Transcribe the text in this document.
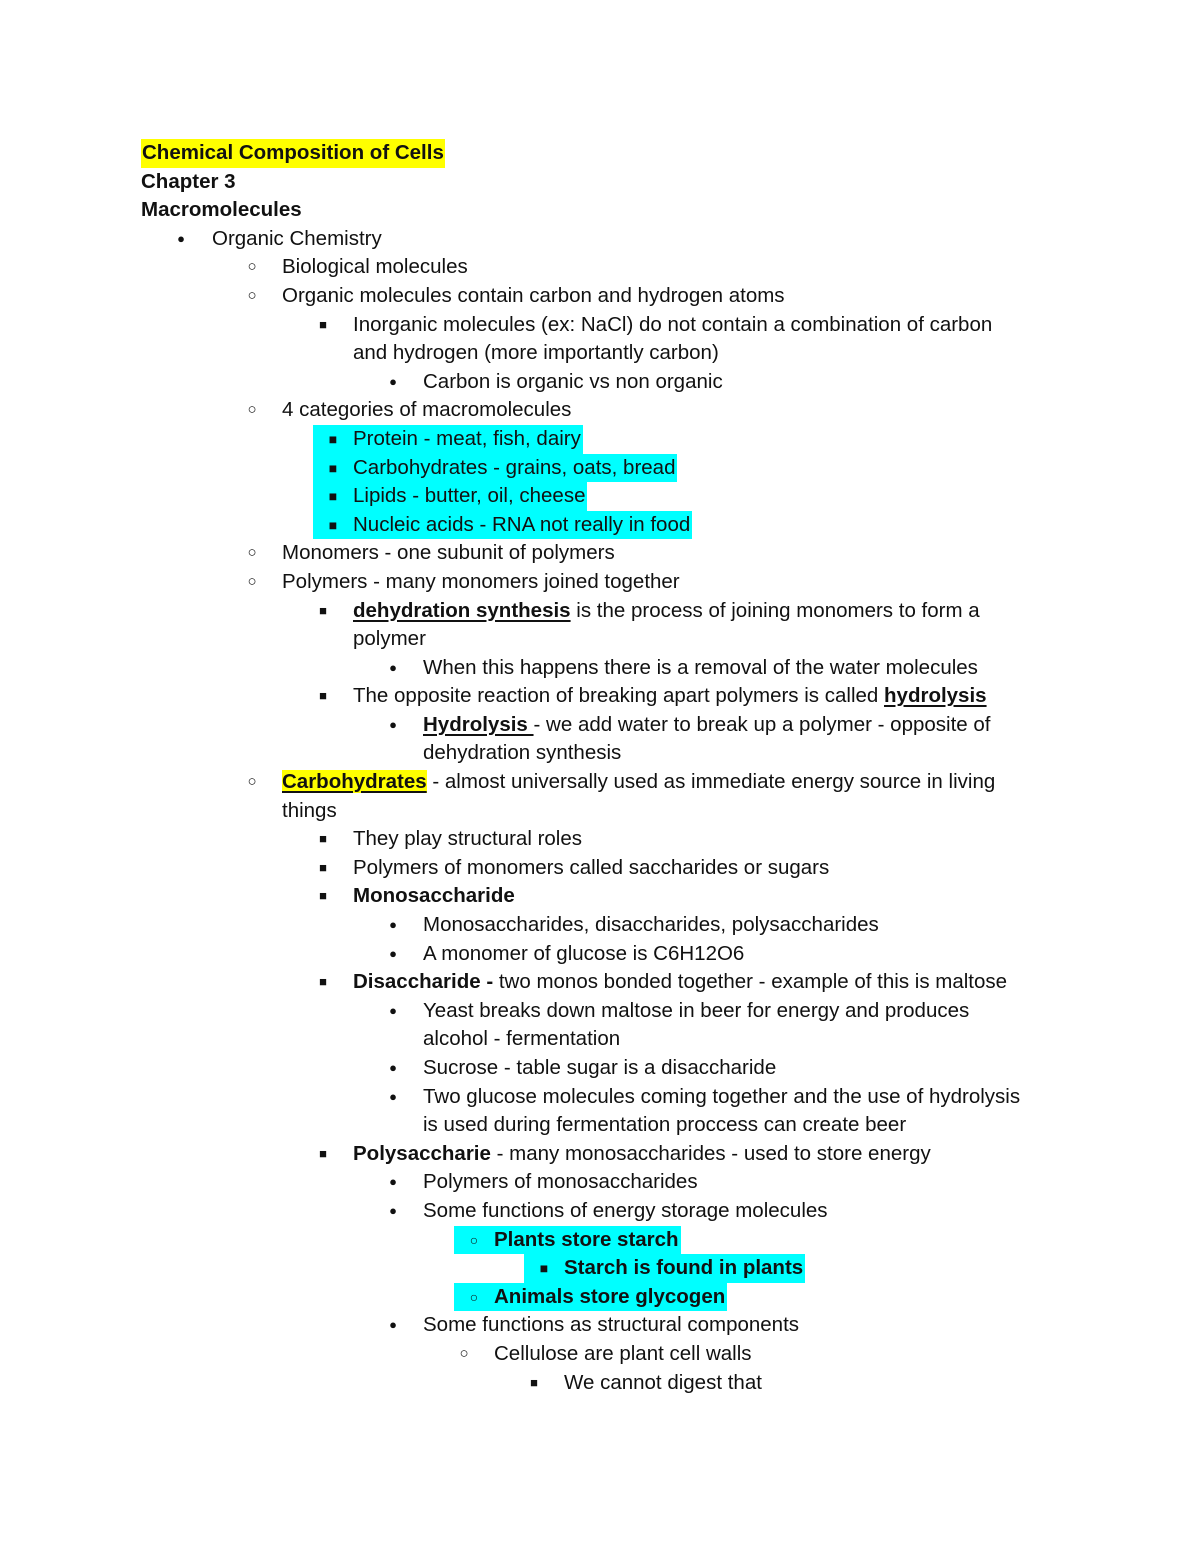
Chemical Composition of Cells
Chapter 3
Macromolecules
● Organic Chemistry
○ Biological molecules
○ Organic molecules contain carbon and hydrogen atoms
■ Inorganic molecules (ex: NaCl) do not contain a combination of carbon
and hydrogen (more importantly carbon)
● Carbon is organic vs non organic
○ 4 categories of macromolecules
■ Protein - meat, fish, dairy
■ Carbohydrates - grains, oats, bread
■ Lipids - butter, oil, cheese
■ Nucleic acids - RNA not really in food
○ Monomers - one subunit of polymers
○ Polymers - many monomers joined together
■ dehydration synthesis is the process of joining monomers to form a
polymer
● When this happens there is a removal of the water molecules
■ The opposite reaction of breaking apart polymers is called hydrolysis
● Hydrolysis - we add water to break up a polymer - opposite of
dehydration synthesis
○ Carbohydrates - almost universally used as immediate energy source in living
things
■ They play structural roles
■ Polymers of monomers called saccharides or sugars
■ Monosaccharide
● Monosaccharides, disaccharides, polysaccharides
● A monomer of glucose is C6H12O6
■ Disaccharide - two monos bonded together - example of this is maltose
● Yeast breaks down maltose in beer for energy and produces
alcohol - fermentation
● Sucrose - table sugar is a disaccharide
● Two glucose molecules coming together and the use of hydrolysis
is used during fermentation proccess can create beer
■ Polysaccharie - many monosaccharides - used to store energy
● Polymers of monosaccharides
● Some functions of energy storage molecules
○ Plants store starch
■ Starch is found in plants
○ Animals store glycogen
● Some functions as structural components
○ Cellulose are plant cell walls
■ We cannot digest that
